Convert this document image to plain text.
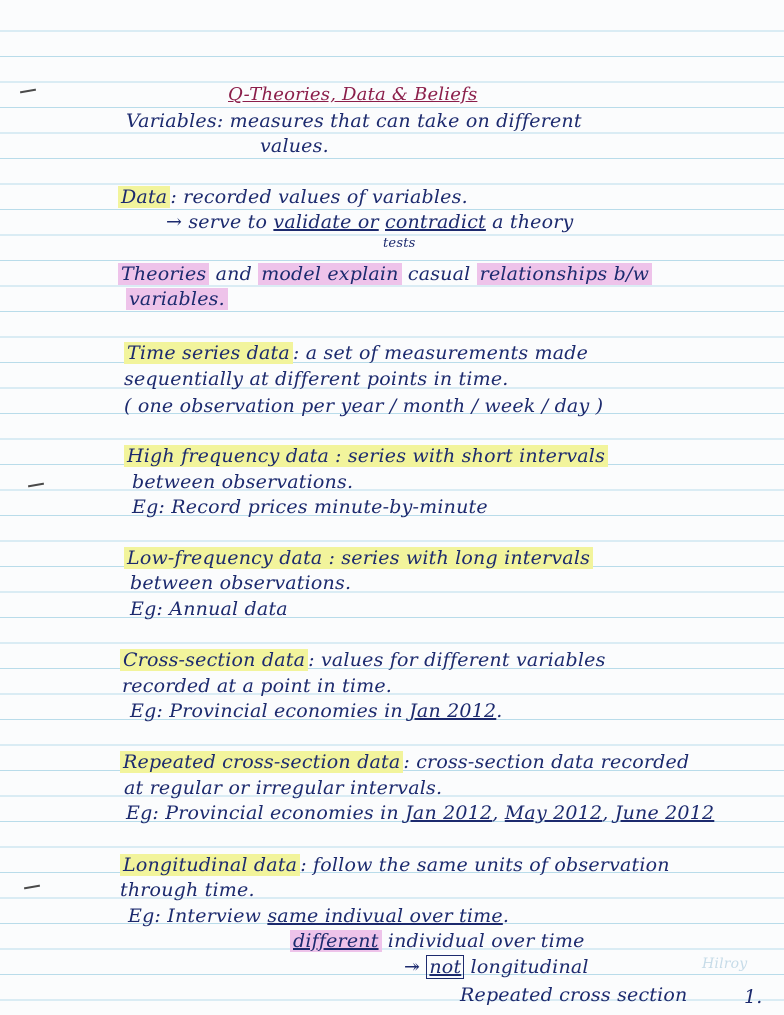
Q-Theories, Data & Beliefs
Variables: measures that can take on different
values.
Data : recorded values of variables.
→ serve to validate or contradict a theory
tests
Theories and model explain casual relationships b/w
variables.
Time series data : a set of measurements made
sequentially at different points in time.
( one observation per year / month / week / day )
High frequency data : series with short intervals
between observations.
Eg: Record prices minute-by-minute
Low-frequency data : series with long intervals
between observations.
Eg: Annual data
Cross-section data : values for different variables
recorded at a point in time.
Eg: Provincial economies in Jan 2012.
Repeated cross-section data : cross-section data recorded
at regular or irregular intervals.
Eg: Provincial economies in Jan 2012, May 2012, June 2012
Longitudinal data : follow the same units of observation
through time.
Eg: Interview same indivual over time.
different individual over time
↠ not longitudinal
Repeated cross section
Hilroy
1.
